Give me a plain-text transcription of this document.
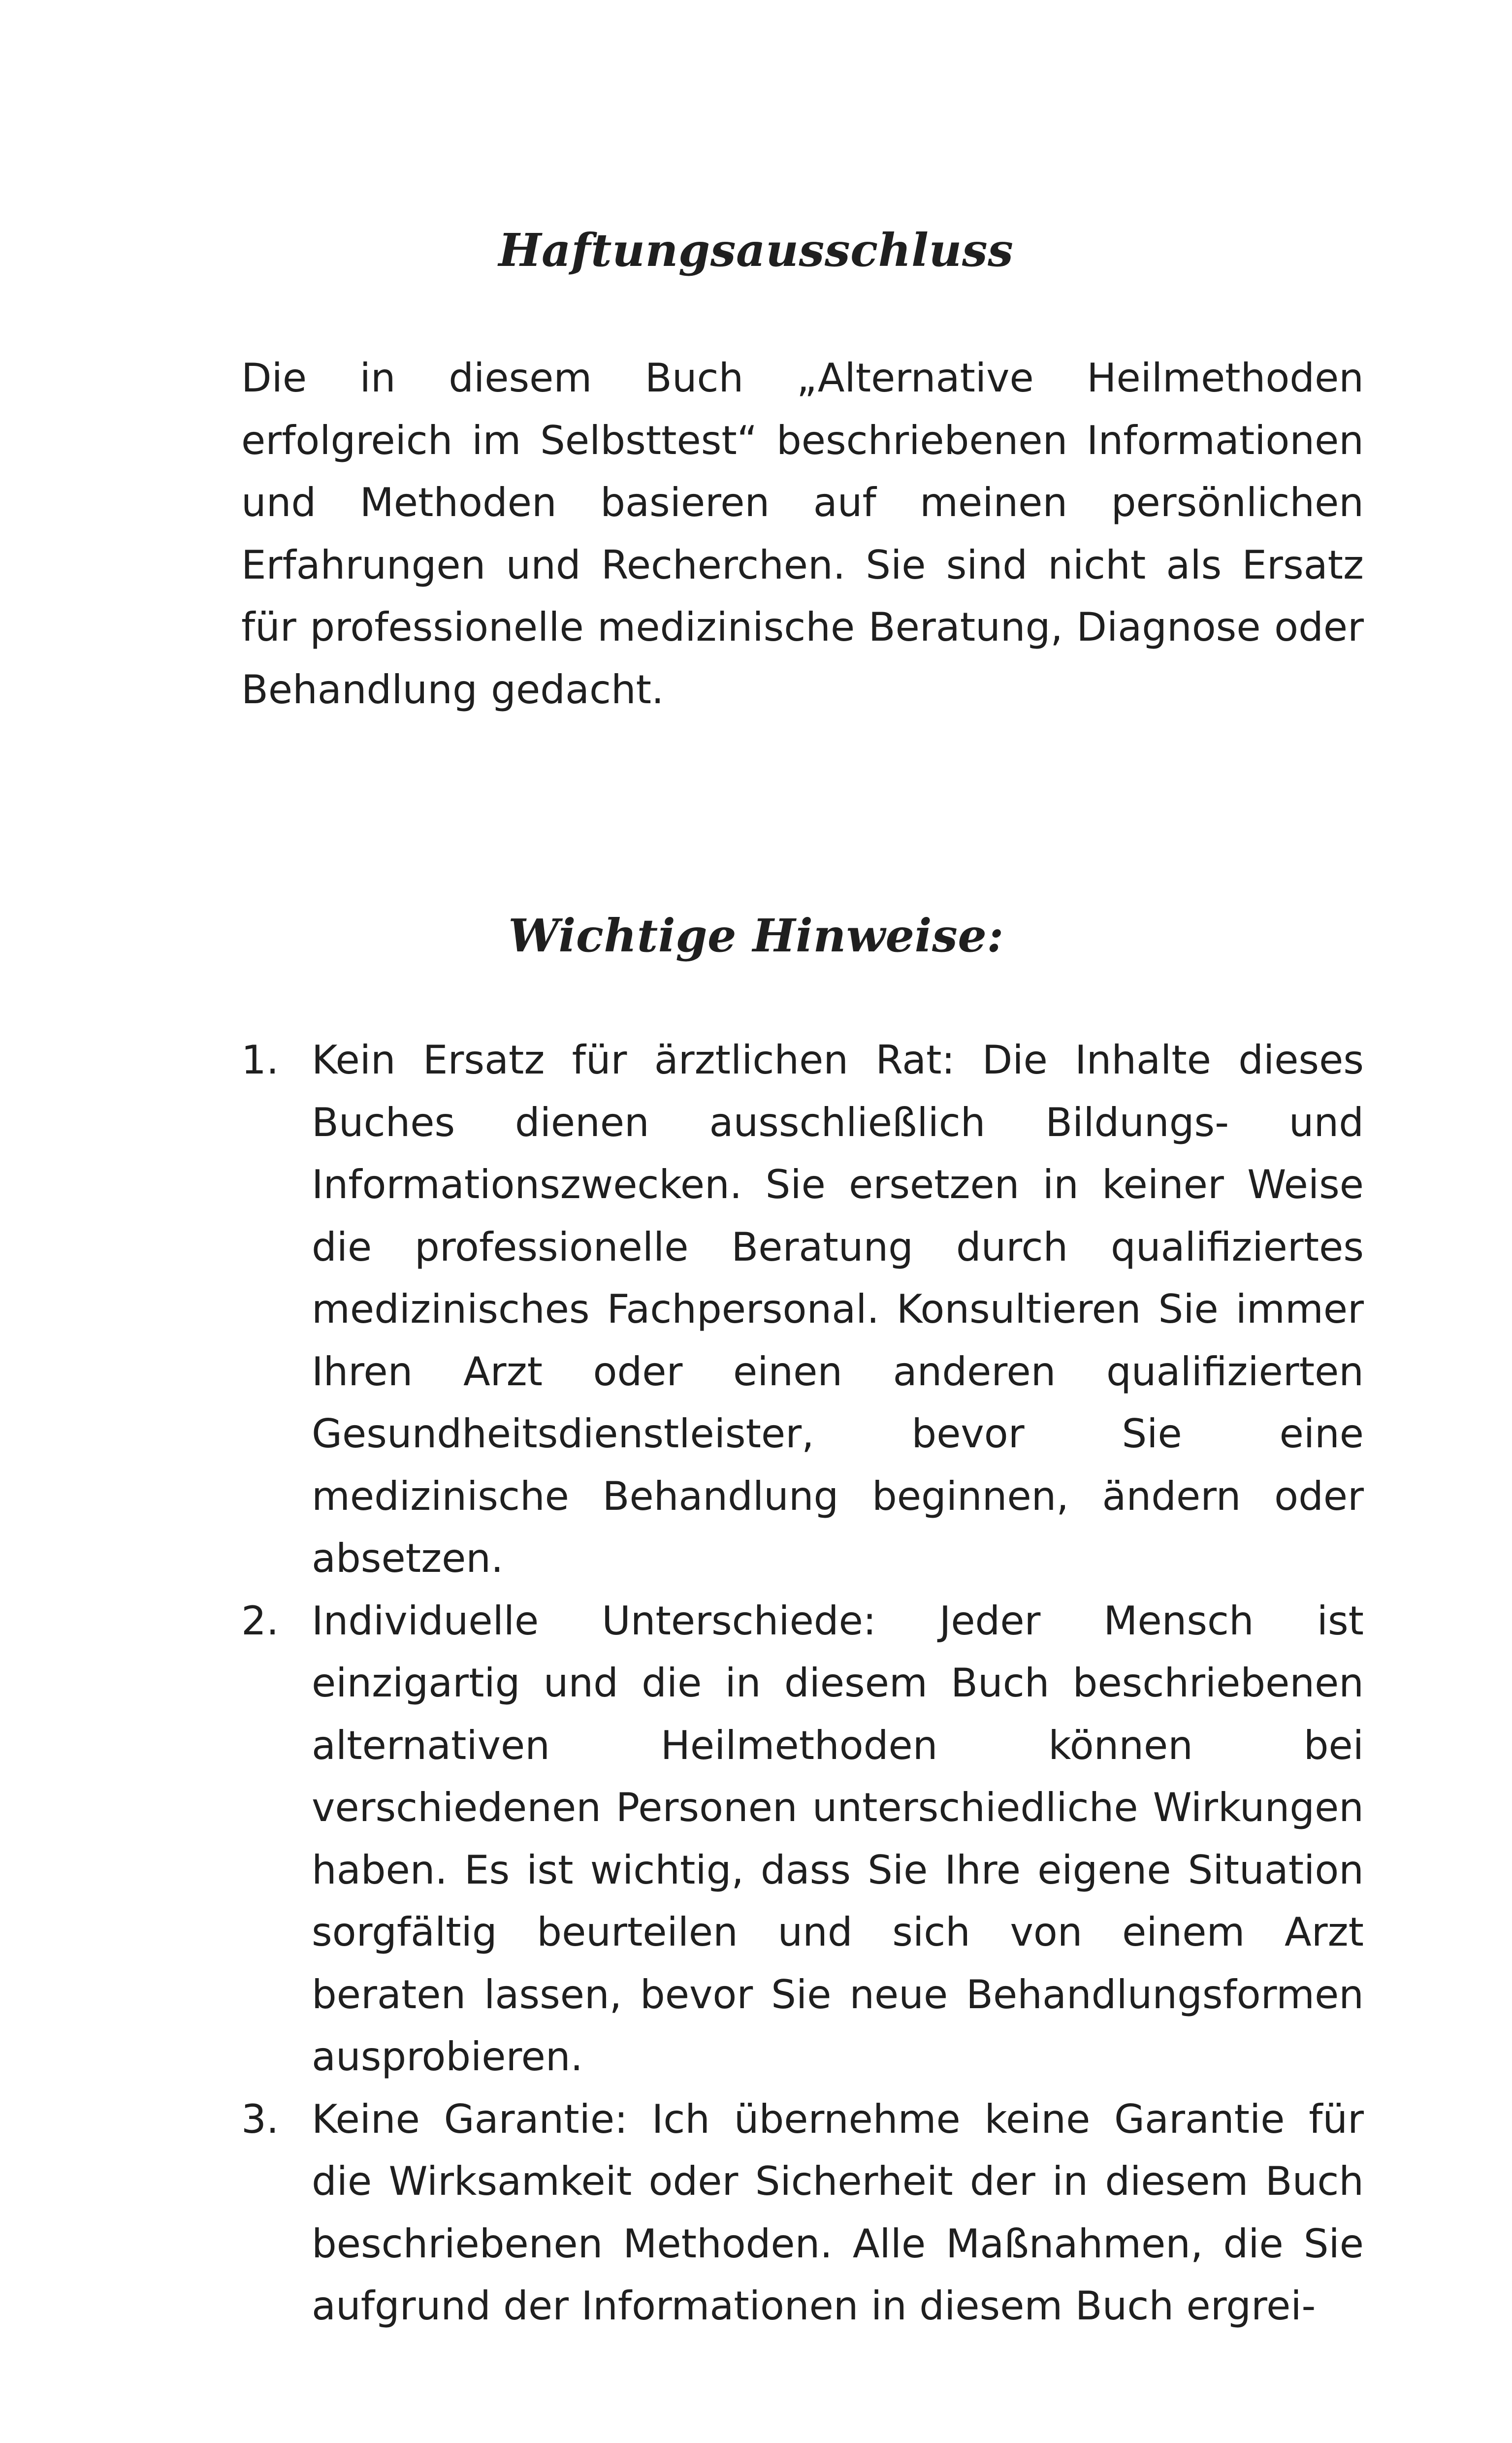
Haftungsausschluss

Die in diesem Buch „Alternative Heilmethoden erfolgreich im Selbsttest“ beschriebenen Informationen und Methoden basieren auf meinen persönlichen Erfahrungen und Recherchen. Sie sind nicht als Ersatz für professionelle medizinische Beratung, Diagnose oder Behandlung gedacht.

Wichtige Hinweise:
1. Kein Ersatz für ärztlichen Rat: Die Inhalte dieses Buches dienen ausschließlich Bildungs- und Informationszwecken. Sie ersetzen in keiner Weise die professionelle Beratung durch qualifiziertes medizinisches Fachpersonal. Konsultieren Sie immer Ihren Arzt oder einen anderen qualifizierten Gesundheitsdienstleister, bevor Sie eine medizinische Behandlung beginnen, ändern oder absetzen.
2. Individuelle Unterschiede: Jeder Mensch ist einzigartig und die in diesem Buch beschriebenen alternativen Heilmethoden können bei verschiedenen Personen unterschiedliche Wirkungen haben. Es ist wichtig, dass Sie Ihre eigene Situation sorgfältig beurteilen und sich von einem Arzt beraten lassen, bevor Sie neue Behandlungsformen ausprobieren.
3. Keine Garantie: Ich übernehme keine Garantie für die Wirksamkeit oder Sicherheit der in diesem Buch beschriebenen Methoden. Alle Maßnahmen, die Sie aufgrund der Informationen in diesem Buch ergrei-
